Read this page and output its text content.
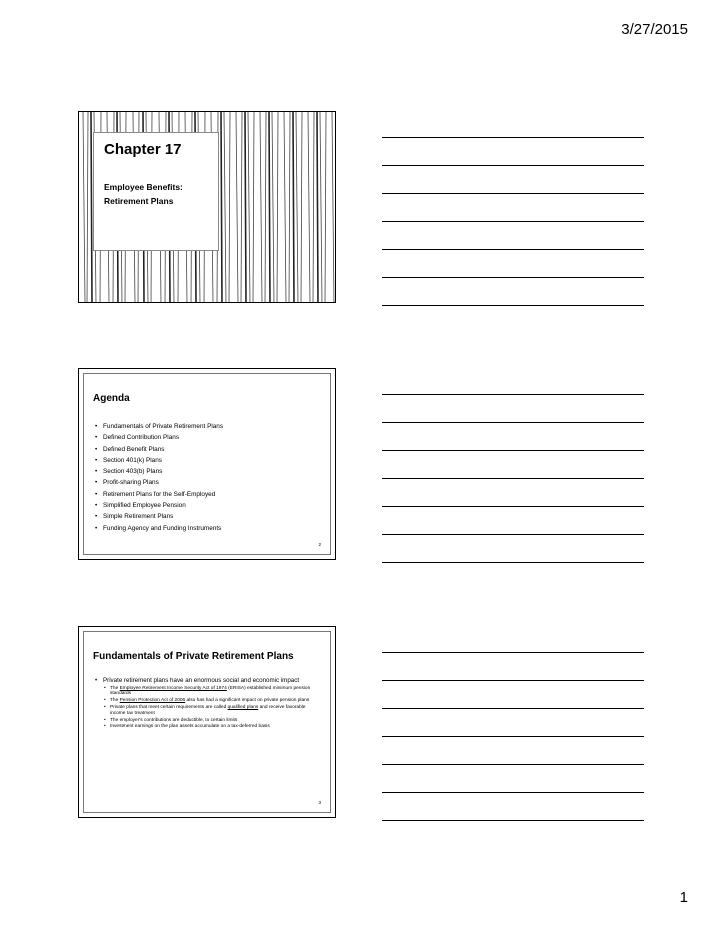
3/27/2015
Chapter 17
Employee Benefits:
Retirement Plans
Agenda
• Fundamentals of Private Retirement Plans
• Defined Contribution Plans
• Defined Benefit Plans
• Section 401(k) Plans
• Section 403(b) Plans
• Profit-sharing Plans
• Retirement Plans for the Self-Employed
• Simplified Employee Pension
• Simple Retirement Plans
• Funding Agency and Funding Instruments
2
Fundamentals of Private Retirement Plans
• Private retirement plans have an enormous social and economic impact
• The Employee Retirement Income Security Act of 1974 (ERISA) established minimum pension standards
• The Pension Protection Act of 2006 also has had a significant impact on private pension plans
• Private plans that meet certain requirements are called qualified plans and receive favorable income tax treatment
• The employer's contributions are deductible, to certain limits
• Investment earnings on the plan assets accumulate on a tax-deferred basis
3
1
